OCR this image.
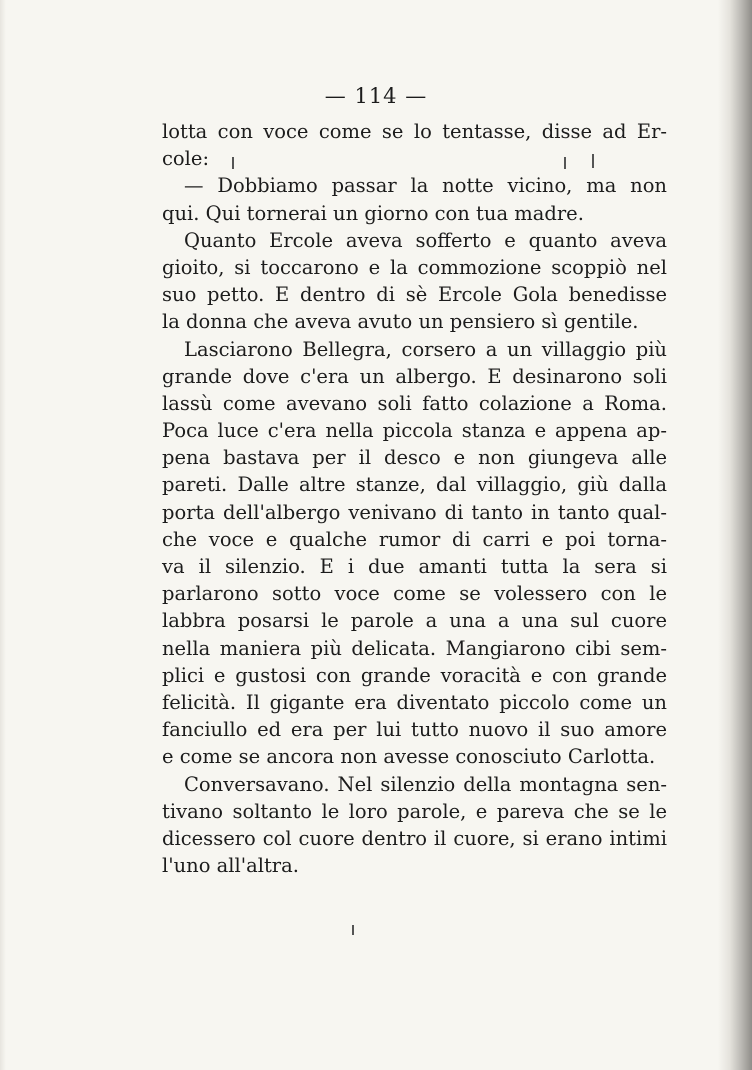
— 114 —
lotta con voce come se lo tentasse, disse ad Er-
cole:
— Dobbiamo passar la notte vicino, ma non
qui. Qui tornerai un giorno con tua madre.
Quanto Ercole aveva sofferto e quanto aveva
gioito, si toccarono e la commozione scoppiò nel
suo petto. E dentro di sè Ercole Gola benedisse
la donna che aveva avuto un pensiero sì gentile.
Lasciarono Bellegra, corsero a un villaggio più
grande dove c'era un albergo. E desinarono soli
lassù come avevano soli fatto colazione a Roma.
Poca luce c'era nella piccola stanza e appena ap-
pena bastava per il desco e non giungeva alle
pareti. Dalle altre stanze, dal villaggio, giù dalla
porta dell'albergo venivano di tanto in tanto qual-
che voce e qualche rumor di carri e poi torna-
va il silenzio. E i due amanti tutta la sera si
parlarono sotto voce come se volessero con le
labbra posarsi le parole a una a una sul cuore
nella maniera più delicata. Mangiarono cibi sem-
plici e gustosi con grande voracità e con grande
felicità. Il gigante era diventato piccolo come un
fanciullo ed era per lui tutto nuovo il suo amore
e come se ancora non avesse conosciuto Carlotta.
Conversavano. Nel silenzio della montagna sen-
tivano soltanto le loro parole, e pareva che se le
dicessero col cuore dentro il cuore, si erano intimi
l'uno all'altra.
